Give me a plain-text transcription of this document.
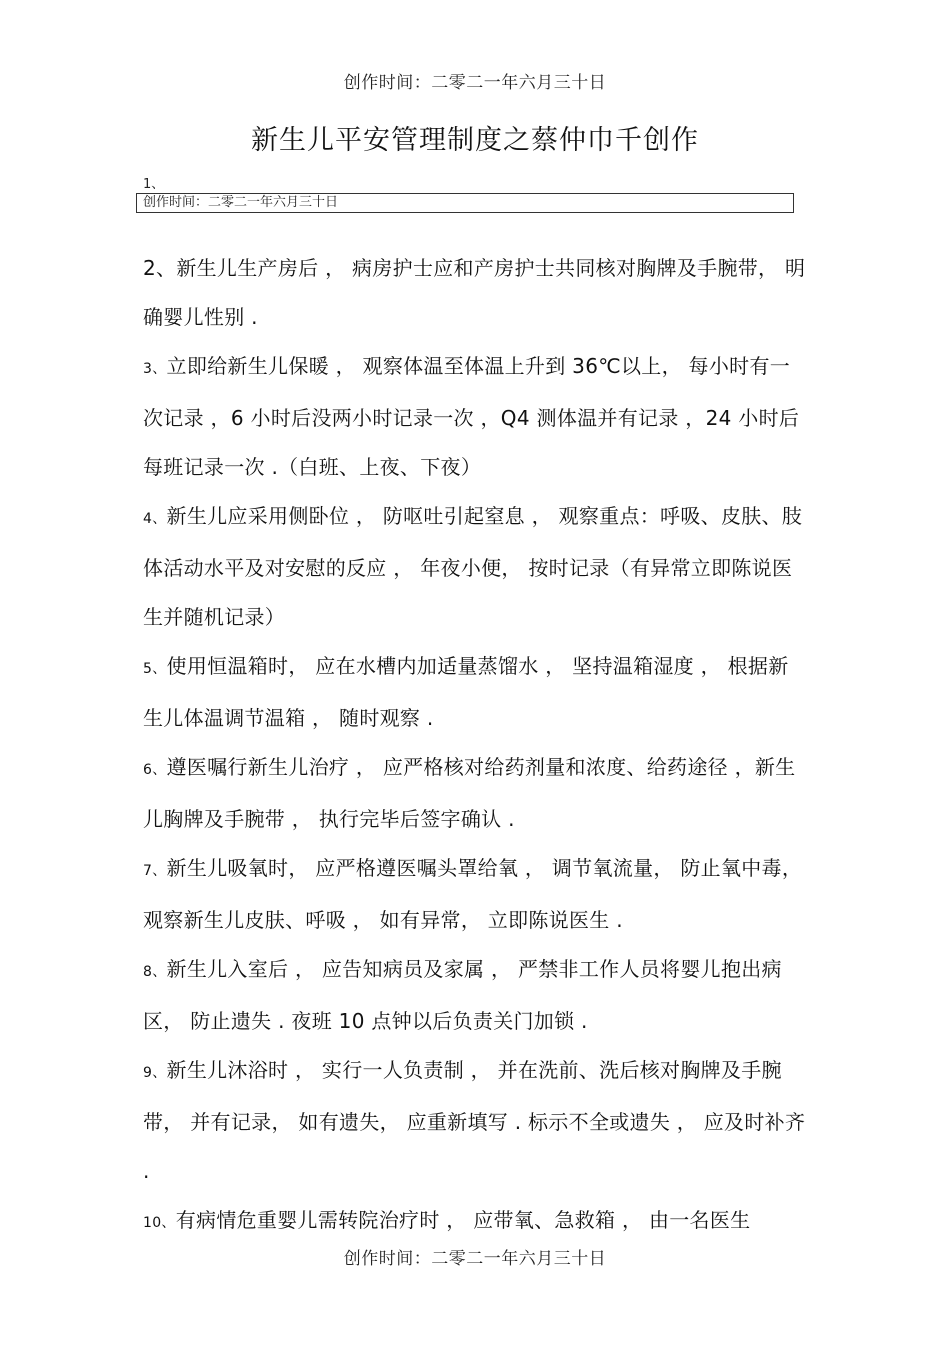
创作时间：二零二一年六月三十日
新生儿平安管理制度之蔡仲巾千创作
1、
创作时间：二零二一年六月三十日

2、新生儿生产房后 ， 病房护士应和产房护士共同核对胸牌及手腕带， 明确婴儿性别 .

3、立即给新生儿保暖 ， 观察体温至体温上升到 36℃以上， 每小时有一次记录 ，6 小时后没两小时记录一次 ，Q4 测体温并有记录 ，24 小时后每班记录一次 .（白班、上夜、下夜）

4、新生儿应采用侧卧位 ， 防呕吐引起窒息 ， 观察重点：呼吸、皮肤、肢体活动水平及对安慰的反应 ， 年夜小便， 按时记录（有异常立即陈说医生并随机记录）

5、使用恒温箱时， 应在水槽内加适量蒸馏水 ， 坚持温箱湿度 ， 根据新生儿体温调节温箱 ， 随时观察 .

6、遵医嘱行新生儿治疗 ， 应严格核对给药剂量和浓度、给药途径 ，新生儿胸牌及手腕带 ， 执行完毕后签字确认 .

7、新生儿吸氧时， 应严格遵医嘱头罩给氧 ， 调节氧流量， 防止氧中毒， 观察新生儿皮肤、呼吸 ， 如有异常， 立即陈说医生 .

8、新生儿入室后 ， 应告知病员及家属 ， 严禁非工作人员将婴儿抱出病区， 防止遗失 . 夜班 10 点钟以后负责关门加锁 .

9、新生儿沐浴时 ， 实行一人负责制 ， 并在洗前、洗后核对胸牌及手腕带， 并有记录， 如有遗失， 应重新填写 . 标示不全或遗失 ， 应及时补齐 .

10、有病情危重婴儿需转院治疗时 ， 应带氧、急救箱 ， 由一名医生

创作时间：二零二一年六月三十日
